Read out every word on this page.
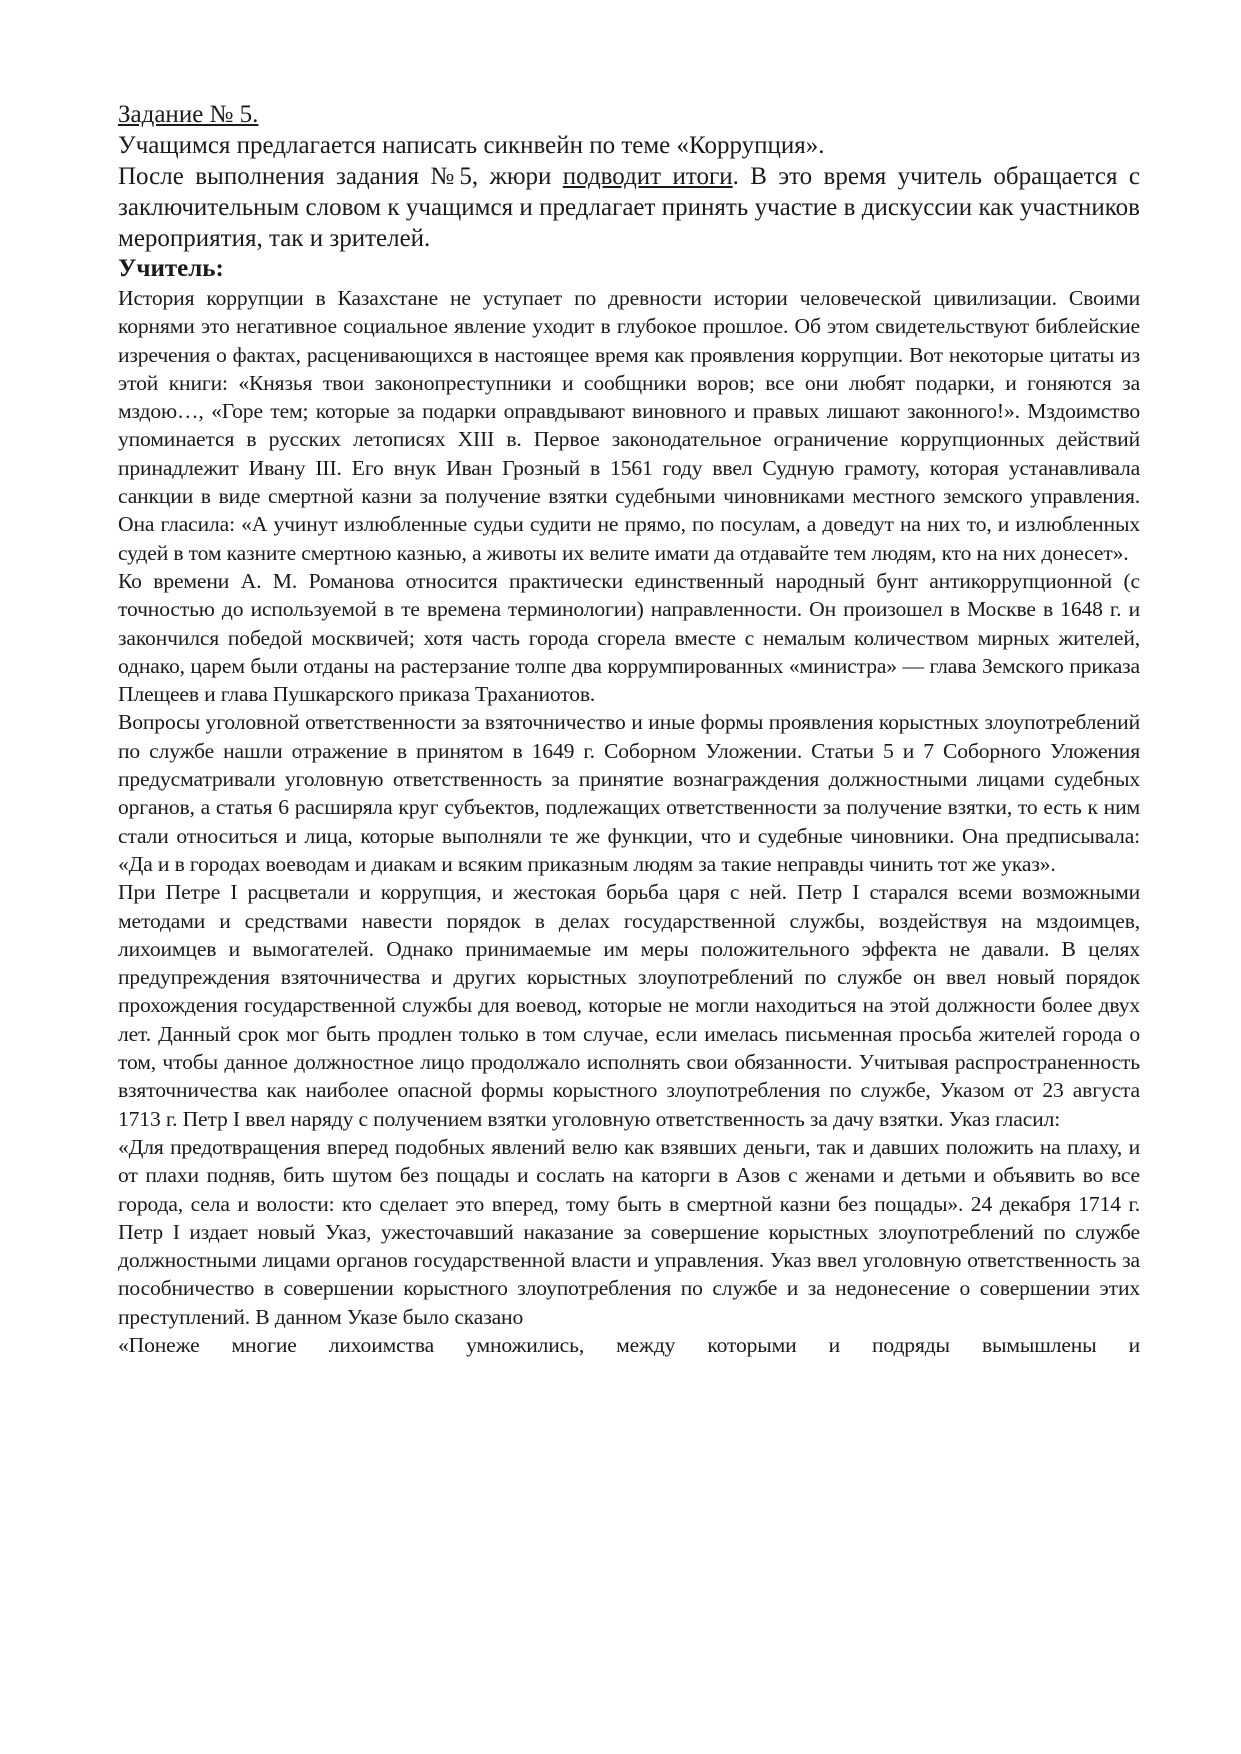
Задание № 5.

Учащимся предлагается написать сикнвейн по теме «Коррупция».

После выполнения задания №5, жюри подводит итоги. В это время учитель обращается с заключительным словом к учащимся и предлагает принять участие в дискуссии как участников мероприятия, так и зрителей.

Учитель:

История коррупции в Казахстане не уступает по древности истории человеческой цивилизации. Своими корнями это негативное социальное явление уходит в глубокое прошлое. Об этом свидетельствуют библейские изречения о фактах, расценивающихся в настоящее время как проявления коррупции. Вот некоторые цитаты из этой книги: «Князья твои законопреступники и сообщники воров; все они любят подарки, и гоняются за мздою…, «Горе тем; которые за подарки оправдывают виновного и правых лишают законного!». Мздоимство упоминается в русских летописях XIII в. Первое законодательное ограничение коррупционных действий принадлежит Ивану III. Его внук Иван Грозный в 1561 году ввел Судную грамоту, которая устанавливала санкции в виде смертной казни за получение взятки судебными чиновниками местного земского управления. Она гласила: «А учинут излюбленные судьи судити не прямо, по посулам, а доведут на них то, и излюбленных судей в том казните смертною казнью, а животы их велите имати да отдавайте тем людям, кто на них донесет».

Ко времени А. М. Романова относится практически единственный народный бунт антикоррупционной (с точностью до используемой в те времена терминологии) направленности. Он произошел в Москве в 1648 г. и закончился победой москвичей; хотя часть города сгорела вместе с немалым количеством мирных жителей, однако, царем были отданы на растерзание толпе два коррумпированных «министра» — глава Земского приказа Плещеев и глава Пушкарского приказа Траханиотов.

Вопросы уголовной ответственности за взяточничество и иные формы проявления корыстных злоупотреблений по службе нашли отражение в принятом в 1649 г. Соборном Уложении. Статьи 5 и 7 Соборного Уложения предусматривали уголовную ответственность за принятие вознаграждения должностными лицами судебных органов, а статья 6 расширяла круг субъектов, подлежащих ответственности за получение взятки, то есть к ним стали относиться и лица, которые выполняли те же функции, что и судебные чиновники. Она предписывала: «Да и в городах воеводам и диакам и всяким приказным людям за такие неправды чинить тот же указ».

При Петре I расцветали и коррупция, и жестокая борьба царя с ней. Петр I старался всеми возможными методами и средствами навести порядок в делах государственной службы, воздействуя на мздоимцев, лихоимцев и вымогателей. Однако принимаемые им меры положительного эффекта не давали. В целях предупреждения взяточничества и других корыстных злоупотреблений по службе он ввел новый порядок прохождения государственной службы для воевод, которые не могли находиться на этой должности более двух лет. Данный срок мог быть продлен только в том случае, если имелась письменная просьба жителей города о том, чтобы данное должностное лицо продолжало исполнять свои обязанности. Учитывая распространенность взяточничества как наиболее опасной формы корыстного злоупотребления по службе, Указом от 23 августа 1713 г. Петр I ввел наряду с получением взятки уголовную ответственность за дачу взятки. Указ гласил:

«Для предотвращения вперед подобных явлений велю как взявших деньги, так и давших положить на плаху, и от плахи подняв, бить шутом без пощады и сослать на каторги в Азов с женами и детьми и объявить во все города, села и волости: кто сделает это вперед, тому быть в смертной казни без пощады». 24 декабря 1714 г. Петр I издает новый Указ, ужесточавший наказание за совершение корыстных злоупотреблений по службе должностными лицами органов государственной власти и управления. Указ ввел уголовную ответственность за пособничество в совершении корыстного злоупотребления по службе и за недонесение о совершении этих преступлений. В данном Указе было сказано

«Понеже многие лихоимства умножились, между которыми и подряды вымышлены и
